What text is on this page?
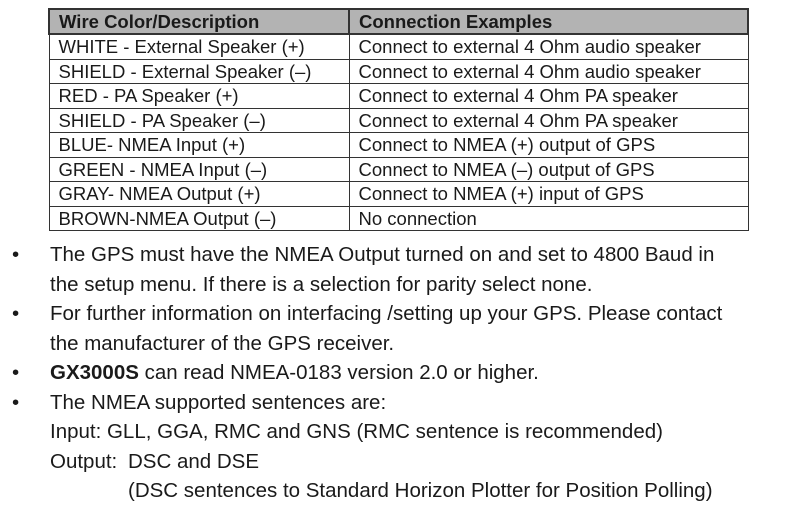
Wire Color/Description	Connection Examples
WHITE - External Speaker (+)	Connect to external 4 Ohm audio speaker
SHIELD - External Speaker (–)	Connect to external 4 Ohm audio speaker
RED - PA Speaker (+)	Connect to external 4 Ohm PA speaker
SHIELD - PA Speaker (–)	Connect to external 4 Ohm PA speaker
BLUE- NMEA Input (+)	Connect to NMEA (+) output of GPS
GREEN - NMEA Input (–)	Connect to NMEA (–) output of GPS
GRAY- NMEA Output (+)	Connect to NMEA (+) input of GPS
BROWN-NMEA Output (–)	No connection
• The GPS must have the NMEA Output turned on and set to 4800 Baud in
the setup menu. If there is a selection for parity select none.
• For further information on interfacing /setting up your GPS. Please contact
the manufacturer of the GPS receiver.
• GX3000S can read NMEA-0183 version 2.0 or higher.
• The NMEA supported sentences are:
Input: GLL, GGA, RMC and GNS (RMC sentence is recommended)
Output: DSC and DSE
(DSC sentences to Standard Horizon Plotter for Position Polling)
